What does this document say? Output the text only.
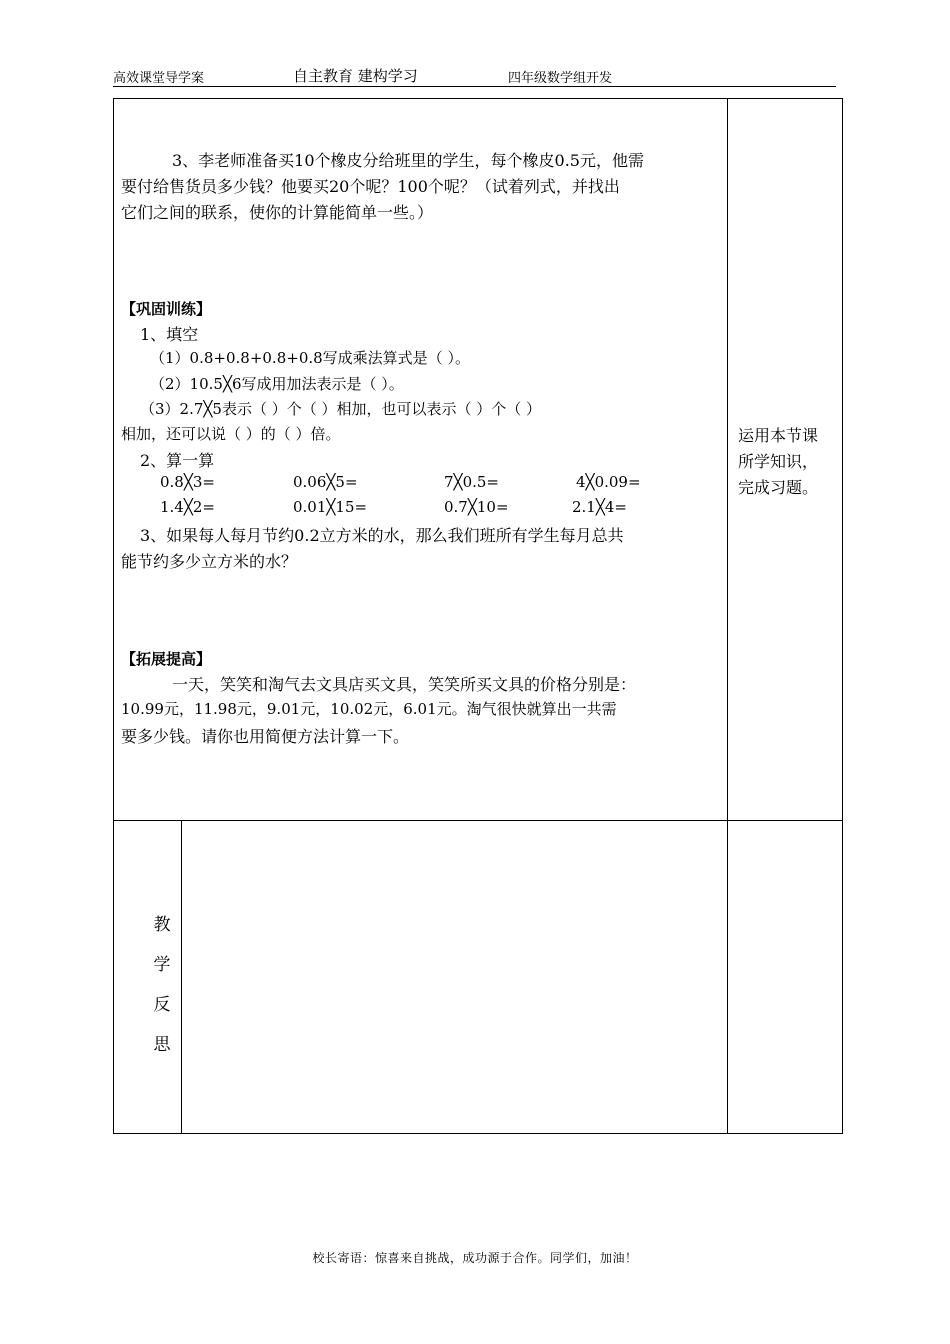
高效课堂导学案	自主教育 建构学习	四年级数学组开发
3、李老师准备买10个橡皮分给班里的学生，每个橡皮0.5元，他需
要付给售货员多少钱？他要买20个呢？100个呢？（试着列式，并找出
它们之间的联系，使你的计算能简单一些。）
【巩固训练】
1、填空
（1）0.8+0.8+0.8+0.8写成乘法算式是（ ）。
（2）10.5╳6写成用加法表示是（ ）。
（3）2.7╳5表示（ ）个（ ）相加，也可以表示（ ）个（ ）
相加，还可以说（ ）的（ ）倍。
2、算一算
0.8╳3=	0.06╳5=	7╳0.5=	4╳0.09=
1.4╳2=	0.01╳15=	0.7╳10=	2.1╳4=
3、如果每人每月节约0.2立方米的水，那么我们班所有学生每月总共
能节约多少立方米的水？
【拓展提高】
一天，笑笑和淘气去文具店买文具，笑笑所买文具的价格分别是：
10.99元，11.98元，9.01元，10.02元，6.01元。淘气很快就算出一共需
要多少钱。请你也用简便方法计算一下。
运用本节课
所学知识，
完成习题。
教
学
反
思
校长寄语：惊喜来自挑战，成功源于合作。同学们，加油！
